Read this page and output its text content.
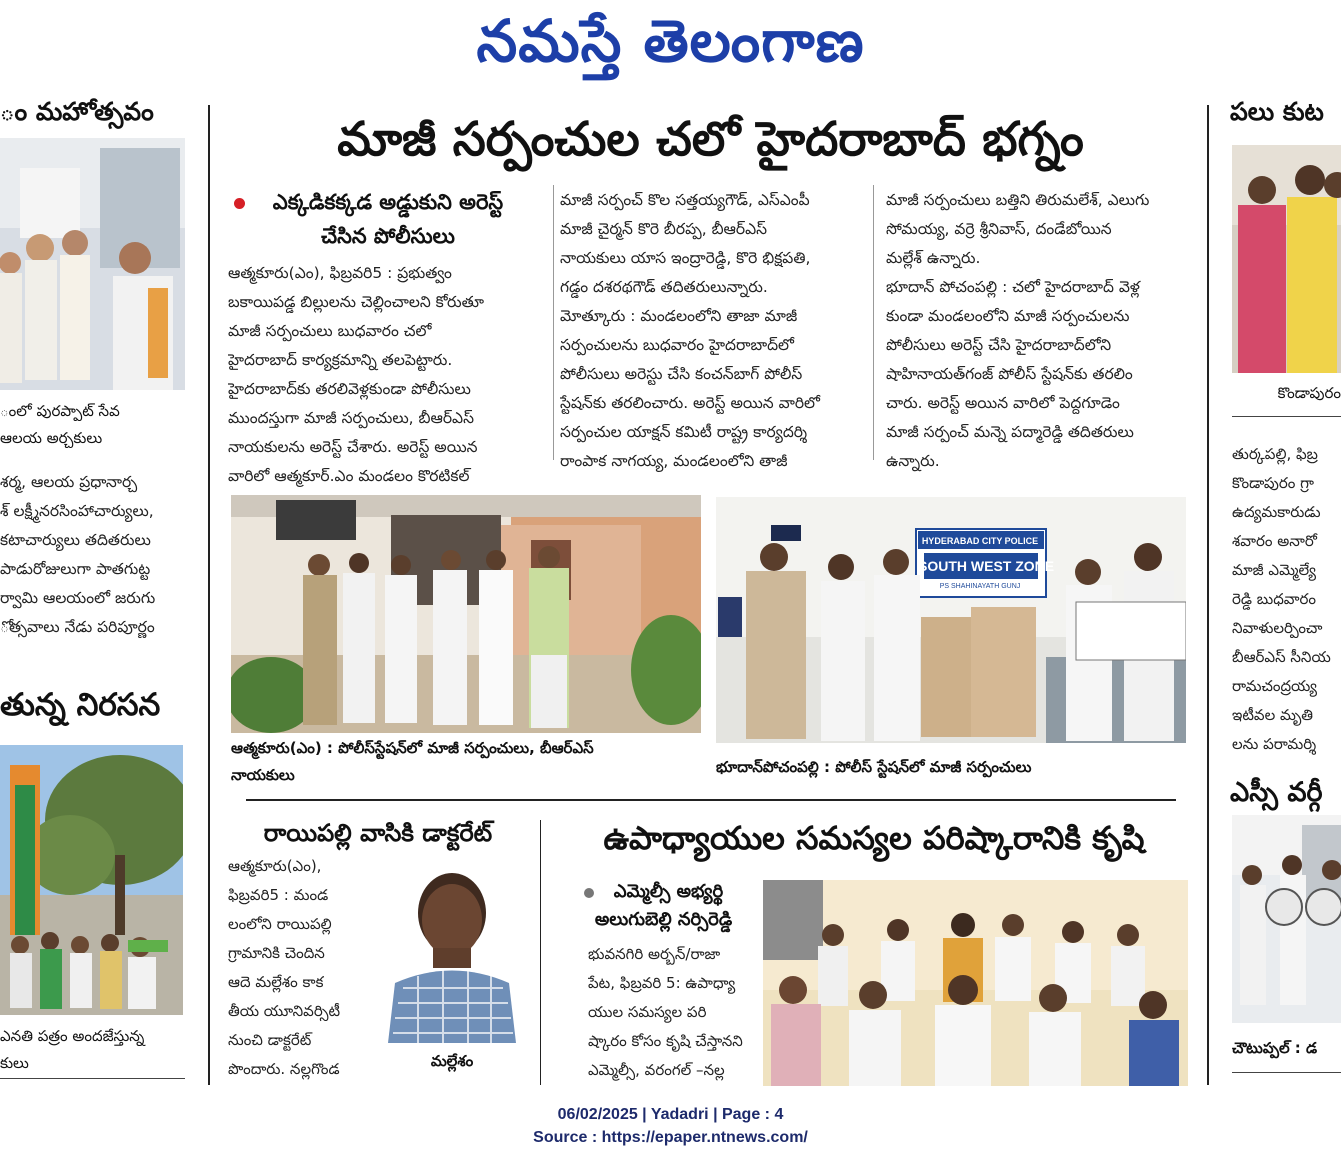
నమస్తే తెలంగాణ
ం మహోత్సవం
ంలో పురప్పాట్ సేవ
ఆలయ అర్చకులు

శర్మ, ఆలయ ప్రధానార్చ

శ్ లక్ష్మీనరసింహాచార్యులు,

కటాచార్యులు తదితరులు

పాడురోజులుగా పాతగుట్ట

ర్వామి ఆలయంలో జరుగు

ోత్సవాలు నేడు పరిపూర్ణం

తున్న నిరసన
ఎనతి పత్రం అందజేస్తున్న
కులు
మాజీ సర్పంచుల చలో హైదరాబాద్ భగ్నం
ఎక్కడికక్కడ అడ్డుకుని అరెస్ట్
చేసిన పోలీసులు

ఆత్మకూరు(ఎం), ఫిబ్రవరి5 : ప్రభుత్వం

బకాయిపడ్డ బిల్లులను చెల్లించాలని కోరుతూ

మాజీ సర్పంచులు బుధవారం చలో

హైదరాబాద్ కార్యక్రమాన్ని తలపెట్టారు.

హైదరాబాద్‌కు తరలివెళ్లకుండా పోలీసులు

ముందస్తుగా మాజీ సర్పంచులు, బీఆర్‌ఎస్

నాయకులను అరెస్ట్ చేశారు. అరెస్ట్ అయిన

వారిలో ఆత్మకూర్.ఎం మండలం కొరటికల్

మాజీ సర్పంచ్ కొల సత్తయ్యగౌడ్, ఎస్ఎంపీ

మాజీ చైర్మన్ కొరె బీరప్ప, బీఆర్ఎస్

నాయకులు యాస ఇంద్రారెడ్డి, కొరె భిక్షపతి,

గడ్డం దశరథగౌడ్ తదితరులున్నారు.

మోత్కూరు : మండలంలోని తాజా మాజీ

సర్పంచులను బుధవారం హైదరాబాద్‌లో

పోలీసులు అరెస్టు చేసి కంచన్‌బాగ్ పోలీస్

స్టేషన్‌కు తరలించారు. అరెస్ట్ అయిన వారిలో

సర్పంచుల యాక్షన్ కమిటీ రాష్ట్ర కార్యదర్శి

రాంపాక నాగయ్య, మండలంలోని తాజీ

మాజీ సర్పంచులు బత్తిని తిరుమలేశ్, ఎలుగు

సోమయ్య, వర్రె శ్రీనివాస్, దండేబోయిన

మల్లేశ్ ఉన్నారు.

భూదాన్ పోచంపల్లి : చలో హైదరాబాద్ వెళ్ల

కుండా మండలంలోని మాజీ సర్పంచులను

పోలీసులు అరెస్ట్ చేసి హైదరాబాద్‌లోని

షాహినాయత్‌గంజ్ పోలీస్ స్టేషన్‌కు తరలిం

చారు. అరెస్ట్ అయిన వారిలో పెద్దగూడెం

మాజీ సర్పంచ్ మన్నె పద్మారెడ్డి తదితరులు

ఉన్నారు.

ఆత్మకూరు(ఎం) : పోలీస్‌స్టేషన్‌లో మాజీ సర్పంచులు, బీఆర్ఎస్
నాయకులు
HYDERABAD CITY POLICE
SOUTH WEST ZONE
PS SHAHINAYATH GUNJ
భూదాన్‌పోచంపల్లి : పోలీస్ స్టేషన్‌లో మాజీ సర్పంచులు
రాయిపల్లి వాసికి డాక్టరేట్

ఆత్మకూరు(ఎం),

ఫిబ్రవరి5 : మండ

లంలోని రాయిపల్లి

గ్రామానికి చెందిన

ఆదె మల్లేశం కాక

తీయ యూనివర్సిటీ

నుంచి డాక్టరేట్

పొందారు. నల్లగొండ	మల్లేశం
ఉపాధ్యాయుల సమస్యల పరిష్కారానికి కృషి
ఎమ్మెల్సీ అభ్యర్థి
అలుగుబెల్లి నర్సిరెడ్డి

భువనగిరి అర్బన్/రాజా

పేట, ఫిబ్రవరి 5: ఉపాధ్యా

యుల సమస్యల పరి

ష్కారం కోసం కృషి చేస్తానని

ఎమ్మెల్సీ, వరంగల్ –నల్ల

పలు కుట
కొండాపురం

తుర్కపల్లి, ఫిబ్ర

కొండాపురం గ్రా

ఉద్యమకారుడు

శవారం అనారో

మాజీ ఎమ్మెల్యే

రెడ్డి బుధవారం

నివాళులర్పించా

బీఆర్ఎస్ సీనియ

రామచంద్రయ్య

ఇటీవల మృతి

లను పరామర్శి

ఎస్సీ వర్గీ
చౌటుప్పల్ : డ
06/02/2025 | Yadadri | Page : 4
Source : https://epaper.ntnews.com/
